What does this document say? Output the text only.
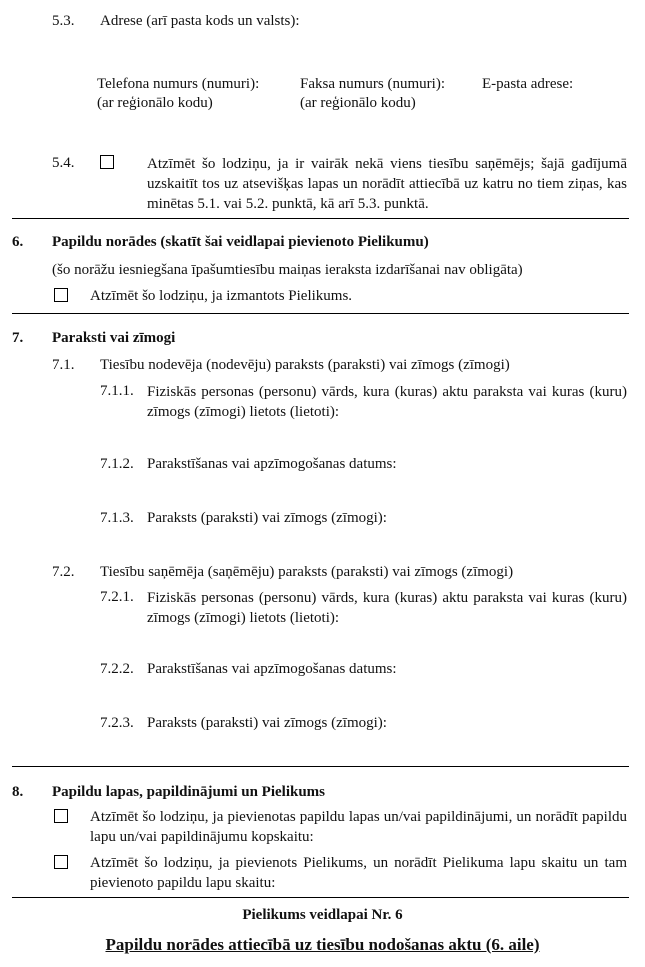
5.3. Adrese (arī pasta kods un valsts):
Telefona numurs (numuri):
(ar reģionālo kodu)
Faksa numurs (numuri):
(ar reģionālo kodu)
E-pasta adrese:
5.4.	Atzīmēt šo lodziņu, ja ir vairāk nekā viens tiesību saņēmējs; šajā gadījumā uzskaitīt tos uz atsevišķas lapas un norādīt attiecībā uz katru no tiem ziņas, kas minētas 5.1. vai 5.2. punktā, kā arī 5.3. punktā.
6. Papildu norādes (skatīt šai veidlapai pievienoto Pielikumu)
(šo norāžu iesniegšana īpašumtiesību maiņas ieraksta izdarīšanai nav obligāta)
Atzīmēt šo lodziņu, ja izmantots Pielikums.
7. Paraksti vai zīmogi
7.1. Tiesību nodevēja (nodevēju) paraksts (paraksti) vai zīmogs (zīmogi)
7.1.1. Fiziskās personas (personu) vārds, kura (kuras) aktu paraksta vai kuras (kuru) zīmogs (zīmogi) lietots (lietoti):
7.1.2. Parakstīšanas vai apzīmogošanas datums:
7.1.3. Paraksts (paraksti) vai zīmogs (zīmogi):
7.2. Tiesību saņēmēja (saņēmēju) paraksts (paraksti) vai zīmogs (zīmogi)
7.2.1. Fiziskās personas (personu) vārds, kura (kuras) aktu paraksta vai kuras (kuru) zīmogs (zīmogi) lietots (lietoti):
7.2.2. Parakstīšanas vai apzīmogošanas datums:
7.2.3. Paraksts (paraksti) vai zīmogs (zīmogi):
8. Papildu lapas, papildinājumi un Pielikums
Atzīmēt šo lodziņu, ja pievienotas papildu lapas un/vai papildinājumi, un norādīt papildu lapu un/vai papildinājumu kopskaitu:
Atzīmēt šo lodziņu, ja pievienots Pielikums, un norādīt Pielikuma lapu skaitu un tam pievienoto papildu lapu skaitu:
Pielikums veidlapai Nr. 6
Papildu norādes attiecībā uz tiesību nodošanas aktu (6. aile)
